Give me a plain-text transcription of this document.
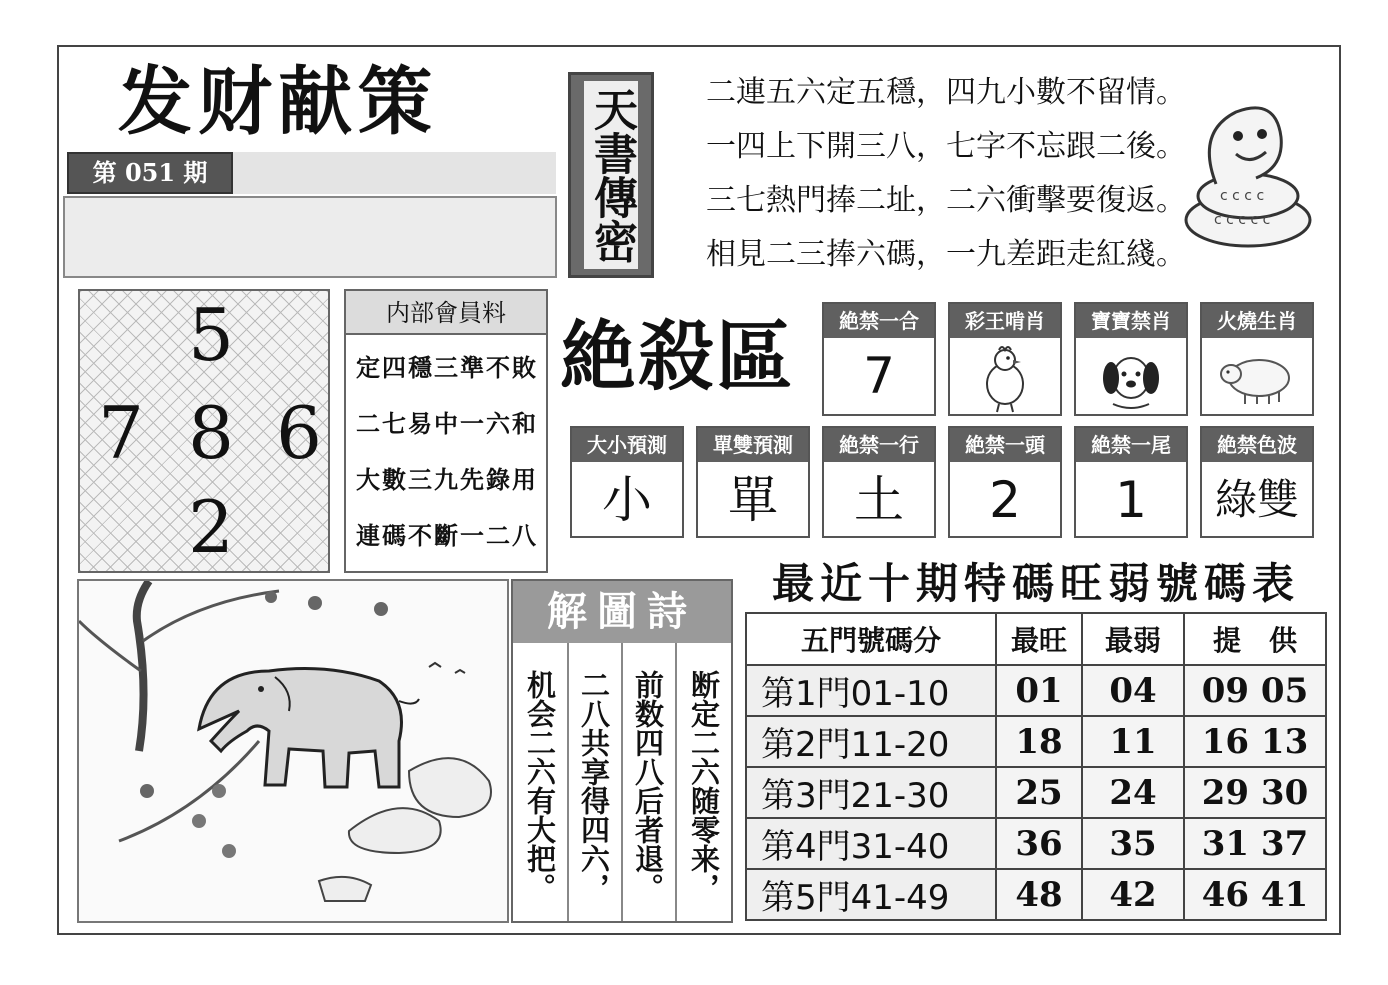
发财献策
第 051 期	天書傳密 二連五六定五穩，四九小數不留情。
一四上下開三八，七字不忘跟二後。
三七熱門捧二址，二六衝擊要復返。
相見二三捧六碼，一九差距走紅綫。
c c c c c
c c c c
5
7 8 6
2
内部會員料
定四穩三準不敗
二七易中一六和
大數三九先錄用
連碼不斷一二八
絶殺區	絶禁一合
7
彩王啃肖	寶寶禁肖	火燒生肖
大小預測
小
單雙預測
單
絶禁一行
土
絶禁一頭
2
絶禁一尾
1
絶禁色波
綠雙
解圖詩
断定二六随零来，
前数四八后者退。
二八共享得四六，
机会二六有大把。
最近十期特碼旺弱號碼表
五門號碼分	最旺	最弱	提　供
第1門01-10	01	04	09 05
第2門11-20	18	11	16 13
第3門21-30	25	24	29 30
第4門31-40	36	35	31 37
第5門41-49	48	42	46 41
